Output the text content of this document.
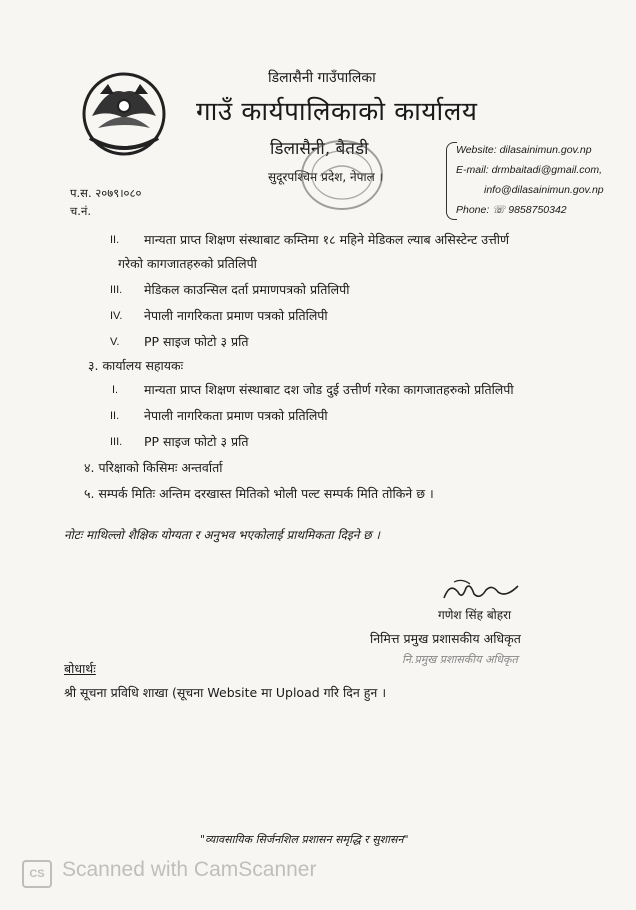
डिलासैनी गाउँपालिका
गाउँ कार्यपालिकाको कार्यालय
डिलासैनी, बैतडी
सुदूरपश्चिम प्रदेश, नेपाल ।
Website: dilasainimun.gov.np
E-mail: drmbaitadi@gmail.com,
info@dilasainimun.gov.np
Phone: ☏ 9858750342
प.स. २०७९।०८०
च.नं.
II. मान्यता प्राप्त शिक्षण संस्थाबाट कम्तिमा १८ महिने मेडिकल ल्याब असिस्टेन्ट उत्तीर्ण
गरेको कागजातहरुको प्रतिलिपी
III. मेडिकल काउन्सिल दर्ता प्रमाणपत्रको प्रतिलिपी
IV. नेपाली नागरिकता प्रमाण पत्रको प्रतिलिपी
V. PP साइज फोटो ३ प्रति
३. कार्यालय सहायकः
I. मान्यता प्राप्त शिक्षण संस्थाबाट दश जोड दुई उत्तीर्ण गरेका कागजातहरुको प्रतिलिपी
II. नेपाली नागरिकता प्रमाण पत्रको प्रतिलिपी
III. PP साइज फोटो ३ प्रति
४. परिक्षाको किसिमः अन्तर्वार्ता
५. सम्पर्क मितिः अन्तिम दरखास्त मितिको भोली पल्ट सम्पर्क मिति तोकिने छ ।
नोटः माथिल्लो शैक्षिक योग्यता र अनुभव भएकोलाई प्राथमिकता दिइने छ ।
गणेश सिंह बोहरा
निमित्त प्रमुख प्रशासकीय अधिकृत
नि.प्रमुख प्रशासकीय अधिकृत
बोधार्थः
श्री सूचना प्रविधि शाखा (सूचना Website मा Upload गरि दिन हुन ।
"व्यावसायिक सिर्जनशिल प्रशासन समृद्धि र सुशासन"
CS Scanned with CamScanner
